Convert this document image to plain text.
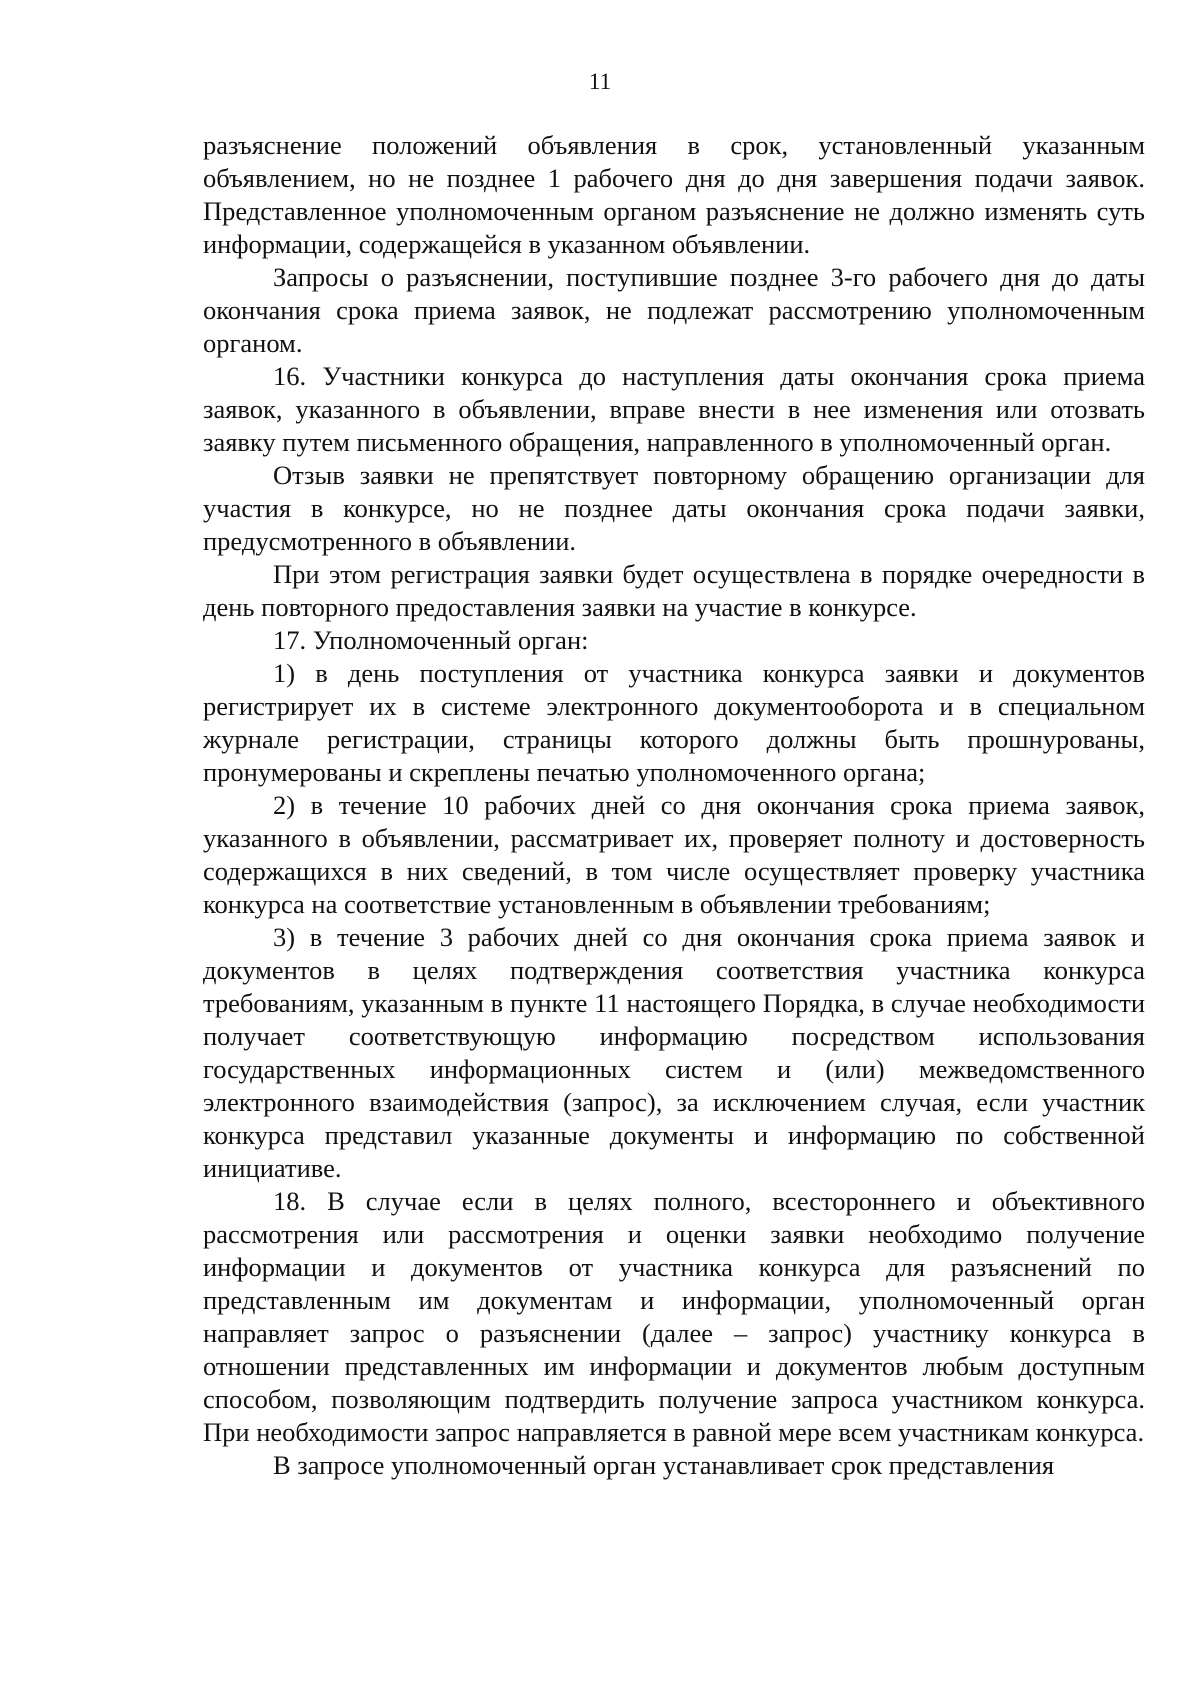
11

разъяснение положений объявления в срок, установленный указанным объявлением, но не позднее 1 рабочего дня до дня завершения подачи заявок. Представленное уполномоченным органом разъяснение не должно изменять суть информации, содержащейся в указанном объявлении.

Запросы о разъяснении, поступившие позднее 3-го рабочего дня до даты окончания срока приема заявок, не подлежат рассмотрению уполномоченным органом.

16. Участники конкурса до наступления даты окончания срока приема заявок, указанного в объявлении, вправе внести в нее изменения или отозвать заявку путем письменного обращения, направленного в уполномоченный орган.

Отзыв заявки не препятствует повторному обращению организации для участия в конкурсе, но не позднее даты окончания срока подачи заявки, предусмотренного в объявлении.

При этом регистрация заявки будет осуществлена в порядке очередности в день повторного предоставления заявки на участие в конкурсе.

17. Уполномоченный орган:

1) в день поступления от участника конкурса заявки и документов регистрирует их в системе электронного документооборота и в специальном журнале регистрации, страницы которого должны быть прошнурованы, пронумерованы и скреплены печатью уполномоченного органа;

2) в течение 10 рабочих дней со дня окончания срока приема заявок, указанного в объявлении, рассматривает их, проверяет полноту и достоверность содержащихся в них сведений, в том числе осуществляет проверку участника конкурса на соответствие установленным в объявлении требованиям;

3) в течение 3 рабочих дней со дня окончания срока приема заявок и документов в целях подтверждения соответствия участника конкурса требованиям, указанным в пункте 11 настоящего Порядка, в случае необходимости получает соответствующую информацию посредством использования государственных информационных систем и (или) межведомственного электронного взаимодействия (запрос), за исключением случая, если участник конкурса представил указанные документы и информацию по собственной инициативе.

18. В случае если в целях полного, всестороннего и объективного рассмотрения или рассмотрения и оценки заявки необходимо получение информации и документов от участника конкурса для разъяснений по представленным им документам и информации, уполномоченный орган направляет запрос о разъяснении (далее – запрос) участнику конкурса в отношении представленных им информации и документов любым доступным способом, позволяющим подтвердить получение запроса участником конкурса. При необходимости запрос направляется в равной мере всем участникам конкурса.

В запросе уполномоченный орган устанавливает срок представления
